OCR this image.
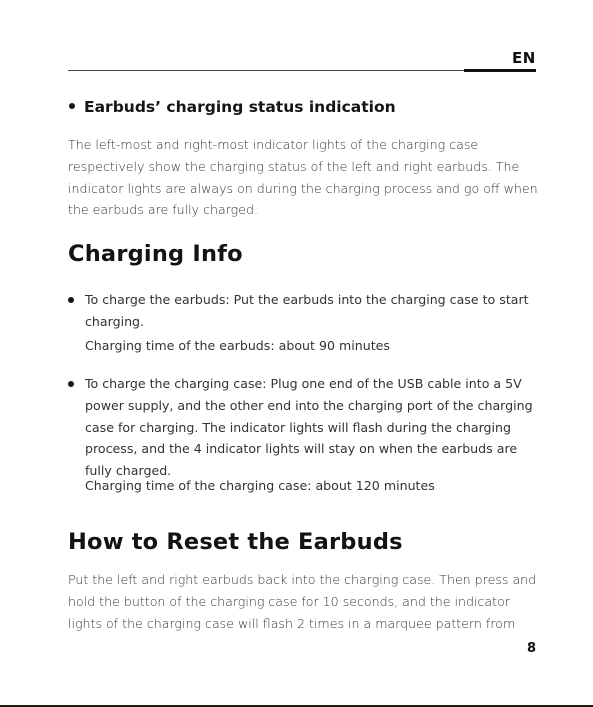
EN
Earbuds’ charging status indication
The left-most and right-most indicator lights of the charging case respectively show the charging status of the left and right earbuds. The indicator lights are always on during the charging process and go off when the earbuds are fully charged.
Charging Info
To charge the earbuds: Put the earbuds into the charging case to start charging.
Charging time of the earbuds: about 90 minutes
To charge the charging case: Plug one end of the USB cable into a 5V power supply, and the other end into the charging port of the charging case for charging. The indicator lights will flash during the charging process, and the 4 indicator lights will stay on when the earbuds are fully charged.
Charging time of the charging case: about 120 minutes
How to Reset the Earbuds
Put the left and right earbuds back into the charging case. Then press and hold the button of the charging case for 10 seconds, and the indicator lights of the charging case will flash 2 times in a marquee pattern from
8
